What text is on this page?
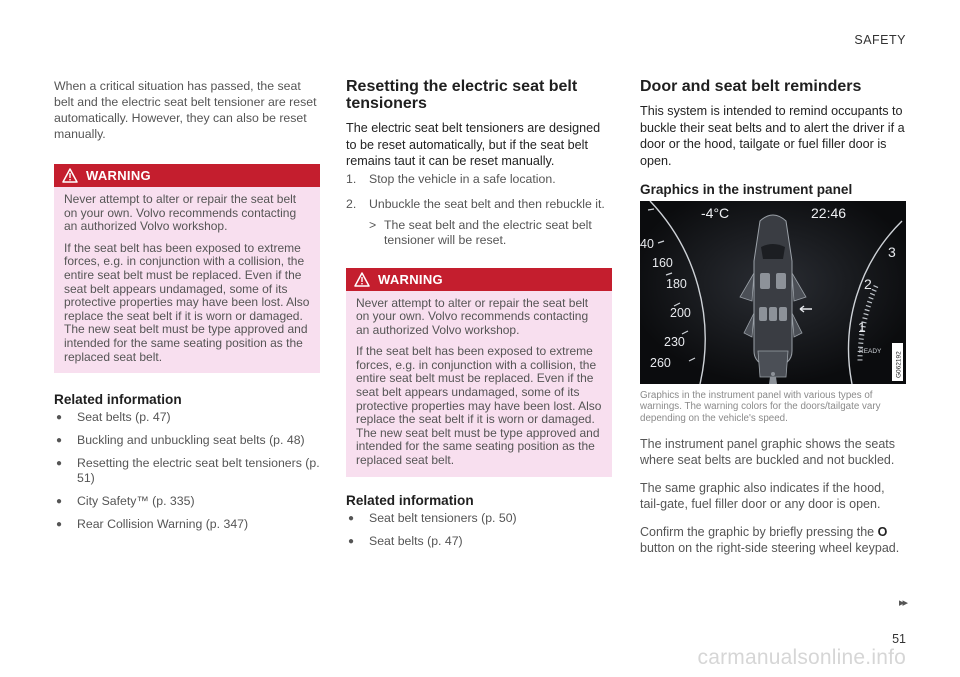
SAFETY

When a critical situation has passed, the seat belt and the electric seat belt tensioner are reset automatically. However, they can also be reset manually.

WARNING

Never attempt to alter or repair the seat belt on your own. Volvo recommends contacting an authorized Volvo workshop.

If the seat belt has been exposed to extreme forces, e.g. in conjunction with a collision, the entire seat belt must be replaced. Even if the seat belt appears undamaged, some of its protective properties may have been lost. Also replace the seat belt if it is worn or damaged. The new seat belt must be type approved and intended for the same seating position as the replaced seat belt.

Related information
● Seat belts (p. 47)
● Buckling and unbuckling seat belts (p. 48)
● Resetting the electric seat belt tensioners (p. 51)
● City Safety™ (p. 335)
● Rear Collision Warning (p. 347)
Resetting the electric seat belt tensioners

The electric seat belt tensioners are designed to be reset automatically, but if the seat belt remains taut it can be reset manually.

1. Stop the vehicle in a safe location.
2. Unbuckle the seat belt and then rebuckle it.
> The seat belt and the electric seat belt tensioner will be reset.
WARNING

Never attempt to alter or repair the seat belt on your own. Volvo recommends contacting an authorized Volvo workshop.

If the seat belt has been exposed to extreme forces, e.g. in conjunction with a collision, the entire seat belt must be replaced. Even if the seat belt appears undamaged, some of its protective properties may have been lost. Also replace the seat belt if it is worn or damaged. The new seat belt must be type approved and intended for the same seating position as the replaced seat belt.

Related information
● Seat belt tensioners (p. 50)
● Seat belts (p. 47)
Door and seat belt reminders

This system is intended to remind occupants to buckle their seat belts and to alert the driver if a door or the hood, tailgate or fuel filler door is open.

Graphics in the instrument panel
40
160
180
200
230
260
3
2
1
READY
-4°C	22:46
G062192

Graphics in the instrument panel with various types of warnings. The warning colors for the doors/tailgate vary depending on the vehicle's speed.

The instrument panel graphic shows the seats where seat belts are buckled and not buckled.

The same graphic also indicates if the hood, tail-gate, fuel filler door or any door is open.

Confirm the graphic by briefly pressing the O button on the right-side steering wheel keypad.

▸▸
51
carmanualsonline.info
